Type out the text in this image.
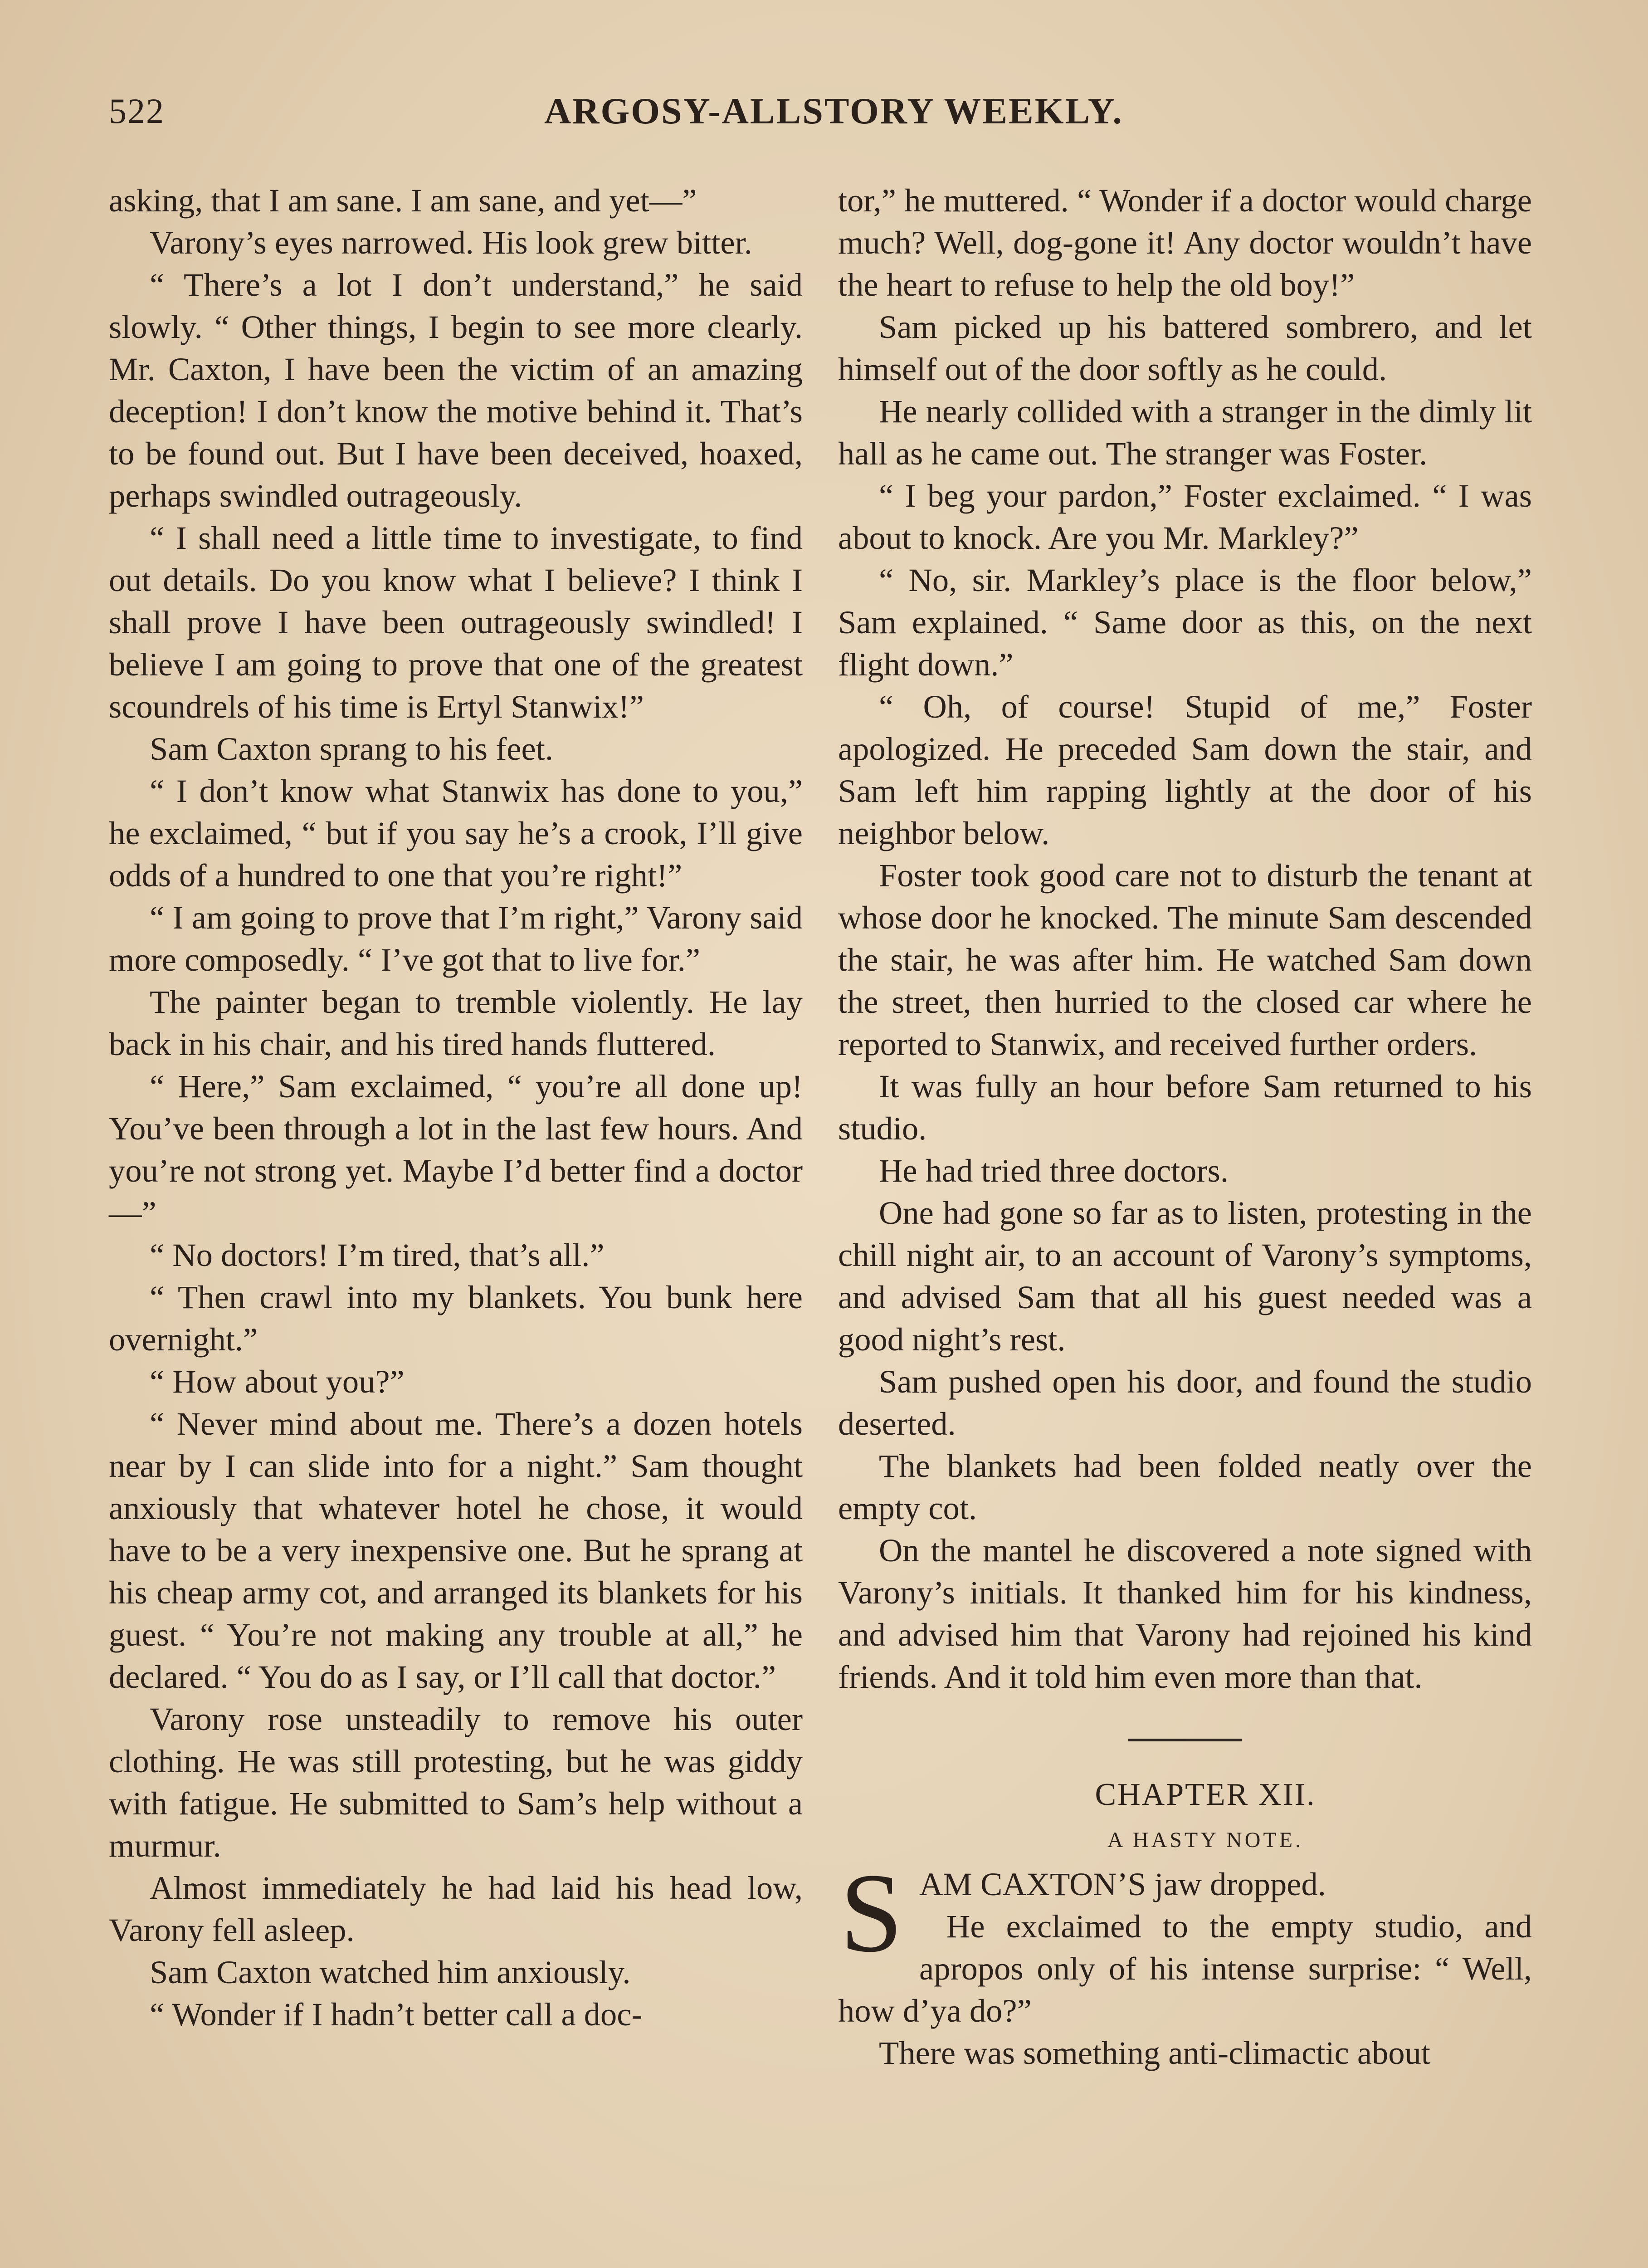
522	ARGOSY-ALLSTORY WEEKLY.

asking, that I am sane. I am sane, and yet—”

Varony’s eyes narrowed. His look grew bitter.

“ There’s a lot I don’t understand,” he said slowly. “ Other things, I begin to see more clearly. Mr. Caxton, I have been the victim of an amazing deception! I don’t know the motive behind it. That’s to be found out. But I have been deceived, hoaxed, perhaps swindled outrageously.

“ I shall need a little time to investigate, to find out details. Do you know what I believe? I think I shall prove I have been outrageously swindled! I believe I am going to prove that one of the greatest scoundrels of his time is Ertyl Stanwix!”

Sam Caxton sprang to his feet.

“ I don’t know what Stanwix has done to you,” he exclaimed, “ but if you say he’s a crook, I’ll give odds of a hundred to one that you’re right!”

“ I am going to prove that I’m right,” Varony said more composedly. “ I’ve got that to live for.”

The painter began to tremble violently. He lay back in his chair, and his tired hands fluttered.

“ Here,” Sam exclaimed, “ you’re all done up! You’ve been through a lot in the last few hours. And you’re not strong yet. Maybe I’d better find a doctor—”

“ No doctors! I’m tired, that’s all.”

“ Then crawl into my blankets. You bunk here overnight.”

“ How about you?”

“ Never mind about me. There’s a dozen hotels near by I can slide into for a night.” Sam thought anxiously that whatever hotel he chose, it would have to be a very inexpensive one. But he sprang at his cheap army cot, and arranged its blankets for his guest. “ You’re not making any trouble at all,” he declared. “ You do as I say, or I’ll call that doctor.”

Varony rose unsteadily to remove his outer clothing. He was still protesting, but he was giddy with fatigue. He submitted to Sam’s help without a murmur.

Almost immediately he had laid his head low, Varony fell asleep.

Sam Caxton watched him anxiously.

“ Wonder if I hadn’t better call a doc-

tor,” he muttered. “ Wonder if a doctor would charge much? Well, dog-gone it! Any doctor wouldn’t have the heart to refuse to help the old boy!”

Sam picked up his battered sombrero, and let himself out of the door softly as he could.

He nearly collided with a stranger in the dimly lit hall as he came out. The stranger was Foster.

“ I beg your pardon,” Foster exclaimed. “ I was about to knock. Are you Mr. Markley?”

“ No, sir. Markley’s place is the floor below,” Sam explained. “ Same door as this, on the next flight down.”

“ Oh, of course! Stupid of me,” Foster apologized. He preceded Sam down the stair, and Sam left him rapping lightly at the door of his neighbor below.

Foster took good care not to disturb the tenant at whose door he knocked. The minute Sam descended the stair, he was after him. He watched Sam down the street, then hurried to the closed car where he reported to Stanwix, and received further orders.

It was fully an hour before Sam returned to his studio.

He had tried three doctors.

One had gone so far as to listen, protesting in the chill night air, to an account of Varony’s symptoms, and advised Sam that all his guest needed was a good night’s rest.

Sam pushed open his door, and found the studio deserted.

The blankets had been folded neatly over the empty cot.

On the mantel he discovered a note signed with Varony’s initials. It thanked him for his kindness, and advised him that Varony had rejoined his kind friends. And it told him even more than that.

CHAPTER XII.

A HASTY NOTE.

SAM CAXTON’S jaw dropped.

He exclaimed to the empty studio, and apropos only of his intense surprise: “ Well, how d’ya do?”

There was something anti-climactic about
